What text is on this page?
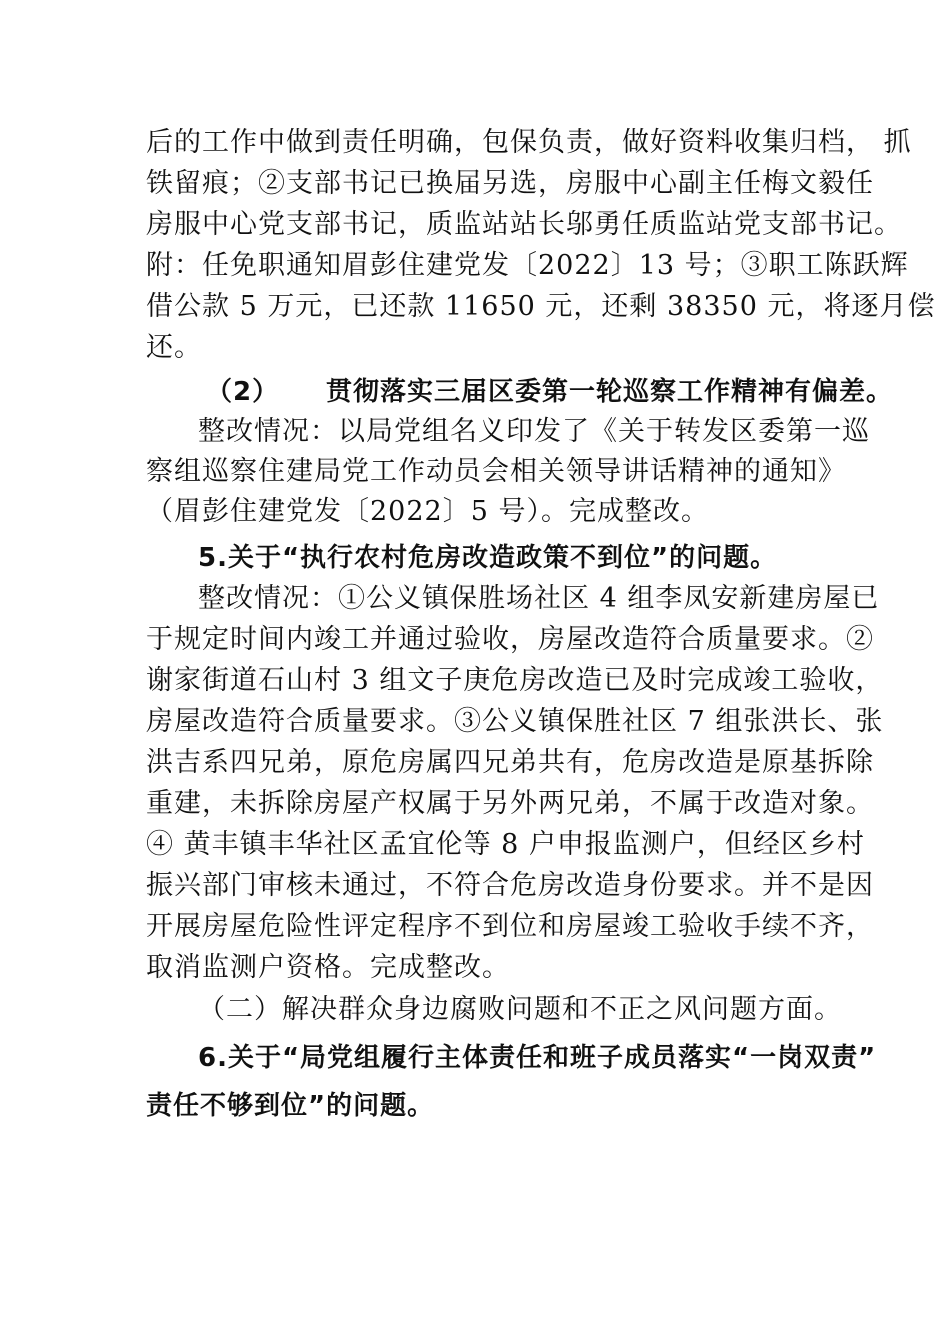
后的工作中做到责任明确，包保负责，做好资料收集归档， 抓
铁留痕；②支部书记已换届另选，房服中心副主任梅文毅任
房服中心党支部书记，质监站站长邬勇任质监站党支部书记。
附：任免职通知眉彭住建党发〔2022〕13 号；③职工陈跃辉
借公款 5 万元，已还款 11650 元，还剩 38350 元，将逐月偿
还。
（2） 贯彻落实三届区委第一轮巡察工作精神有偏差。
整改情况：以局党组名义印发了《关于转发区委第一巡
察组巡察住建局党工作动员会相关领导讲话精神的通知》
（眉彭住建党发〔2022〕5 号）。完成整改。
5.关于“执行农村危房改造政策不到位”的问题。
整改情况：①公义镇保胜场社区 4 组李凤安新建房屋已
于规定时间内竣工并通过验收，房屋改造符合质量要求。②
谢家街道石山村 3 组文子庚危房改造已及时完成竣工验收，
房屋改造符合质量要求。③公义镇保胜社区 7 组张洪长、张
洪吉系四兄弟，原危房属四兄弟共有，危房改造是原基拆除
重建，未拆除房屋产权属于另外两兄弟，不属于改造对象。
④ 黄丰镇丰华社区孟宜伦等 8 户申报监测户，但经区乡村
振兴部门审核未通过，不符合危房改造身份要求。并不是因
开展房屋危险性评定程序不到位和房屋竣工验收手续不齐，
取消监测户资格。完成整改。
（二）解决群众身边腐败问题和不正之风问题方面。
6.关于“局党组履行主体责任和班子成员落实“一岗双责”
责任不够到位”的问题。
